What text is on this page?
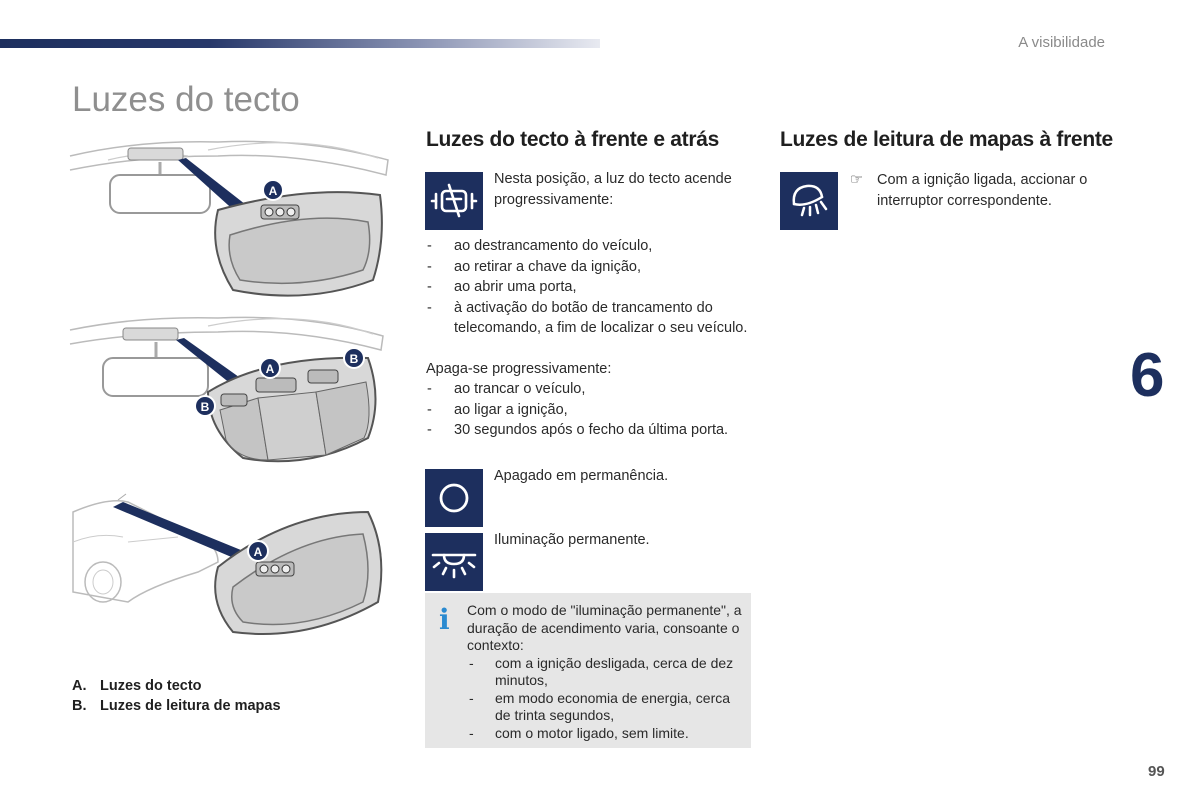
A visibilidade
Luzes do tecto
6
99
A
A
B
B
A
A. Luzes do tecto
B. Luzes de leitura de mapas
Luzes do tecto à frente e atrás
Nesta posição, a luz do tecto acende progressivamente:
- ao destrancamento do veículo,
- ao retirar a chave da ignição,
- ao abrir uma porta,
- à activação do botão de trancamento do telecomando, a fim de localizar o seu veículo.
Apaga-se progressivamente:
- ao trancar o veículo,
- ao ligar a ignição,
- 30 segundos após o fecho da última porta.
Apagado em permanência.
Iluminação permanente.
i Com o modo de "iluminação permanente", a duração de acendimento varia, consoante o contexto:
- com a ignição desligada, cerca de dez minutos,
- em modo economia de energia, cerca de trinta segundos,
- com o motor ligado, sem limite.
Luzes de leitura de mapas à frente
☞ Com a ignição ligada, accionar o interruptor correspondente.
